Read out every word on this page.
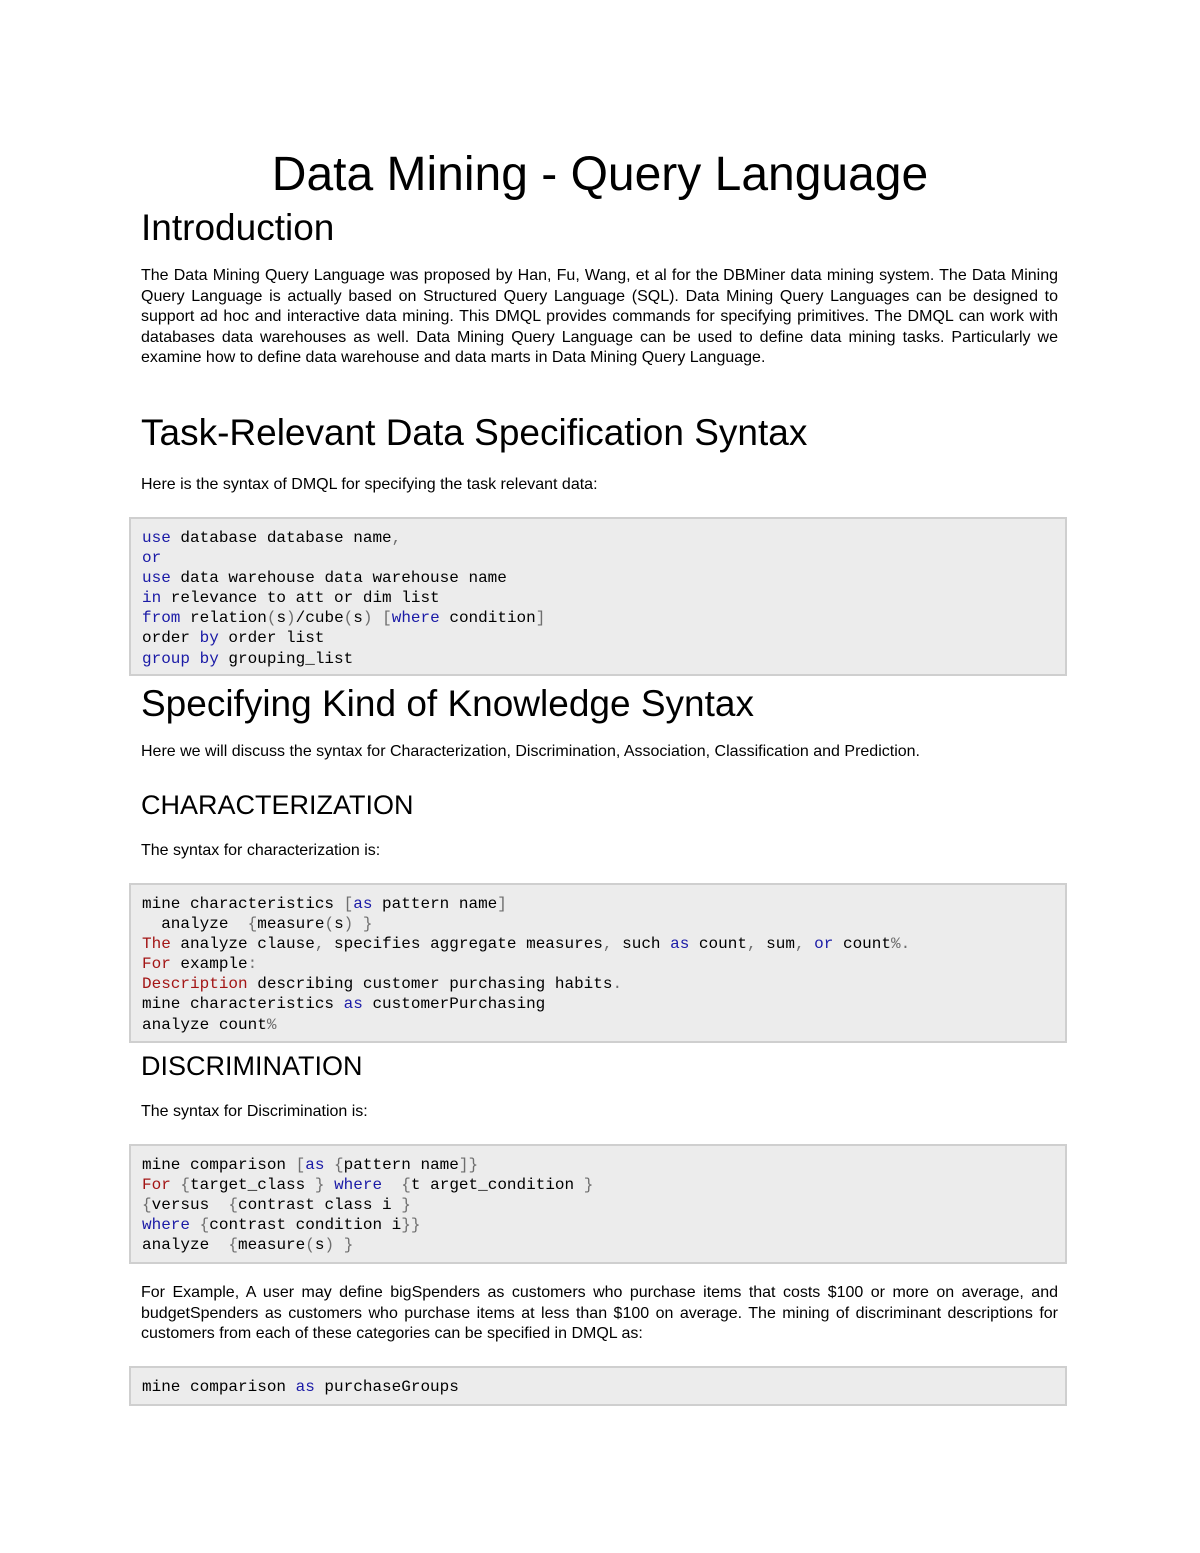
Data Mining - Query Language
Introduction

The Data Mining Query Language was proposed by Han, Fu, Wang, et al for the DBMiner data mining system. The Data Mining Query Language is actually based on Structured Query Language (SQL). Data Mining Query Languages can be designed to support ad hoc and interactive data mining. This DMQL provides commands for specifying primitives. The DMQL can work with databases data warehouses as well. Data Mining Query Language can be used to define data mining tasks. Particularly we examine how to define data warehouse and data marts in Data Mining Query Language.

Task-Relevant Data Specification Syntax

Here is the syntax of DMQL for specifying the task relevant data:

use database database name,
or
use data warehouse data warehouse name
in relevance to att or dim list
from relation(s)/cube(s) [where condition]
order by order list
group by grouping_list
Specifying Kind of Knowledge Syntax

Here we will discuss the syntax for Characterization, Discrimination, Association, Classification and Prediction.

CHARACTERIZATION

The syntax for characterization is:

mine characteristics [as pattern name]
analyze  {measure(s) }
The analyze clause, specifies aggregate measures, such as count, sum, or count%.
For example:
Description describing customer purchasing habits.
mine characteristics as customerPurchasing
analyze count%
DISCRIMINATION

The syntax for Discrimination is:

mine comparison [as {pattern name]}
For {target_class } where {t arget_condition }
{versus  {contrast class i }
where {contrast condition i}}
analyze  {measure(s) }

For Example, A user may define bigSpenders as customers who purchase items that costs $100 or more on average, and budgetSpenders as customers who purchase items at less than $100 on average. The mining of discriminant descriptions for customers from each of these categories can be specified in DMQL as:

mine comparison as purchaseGroups
